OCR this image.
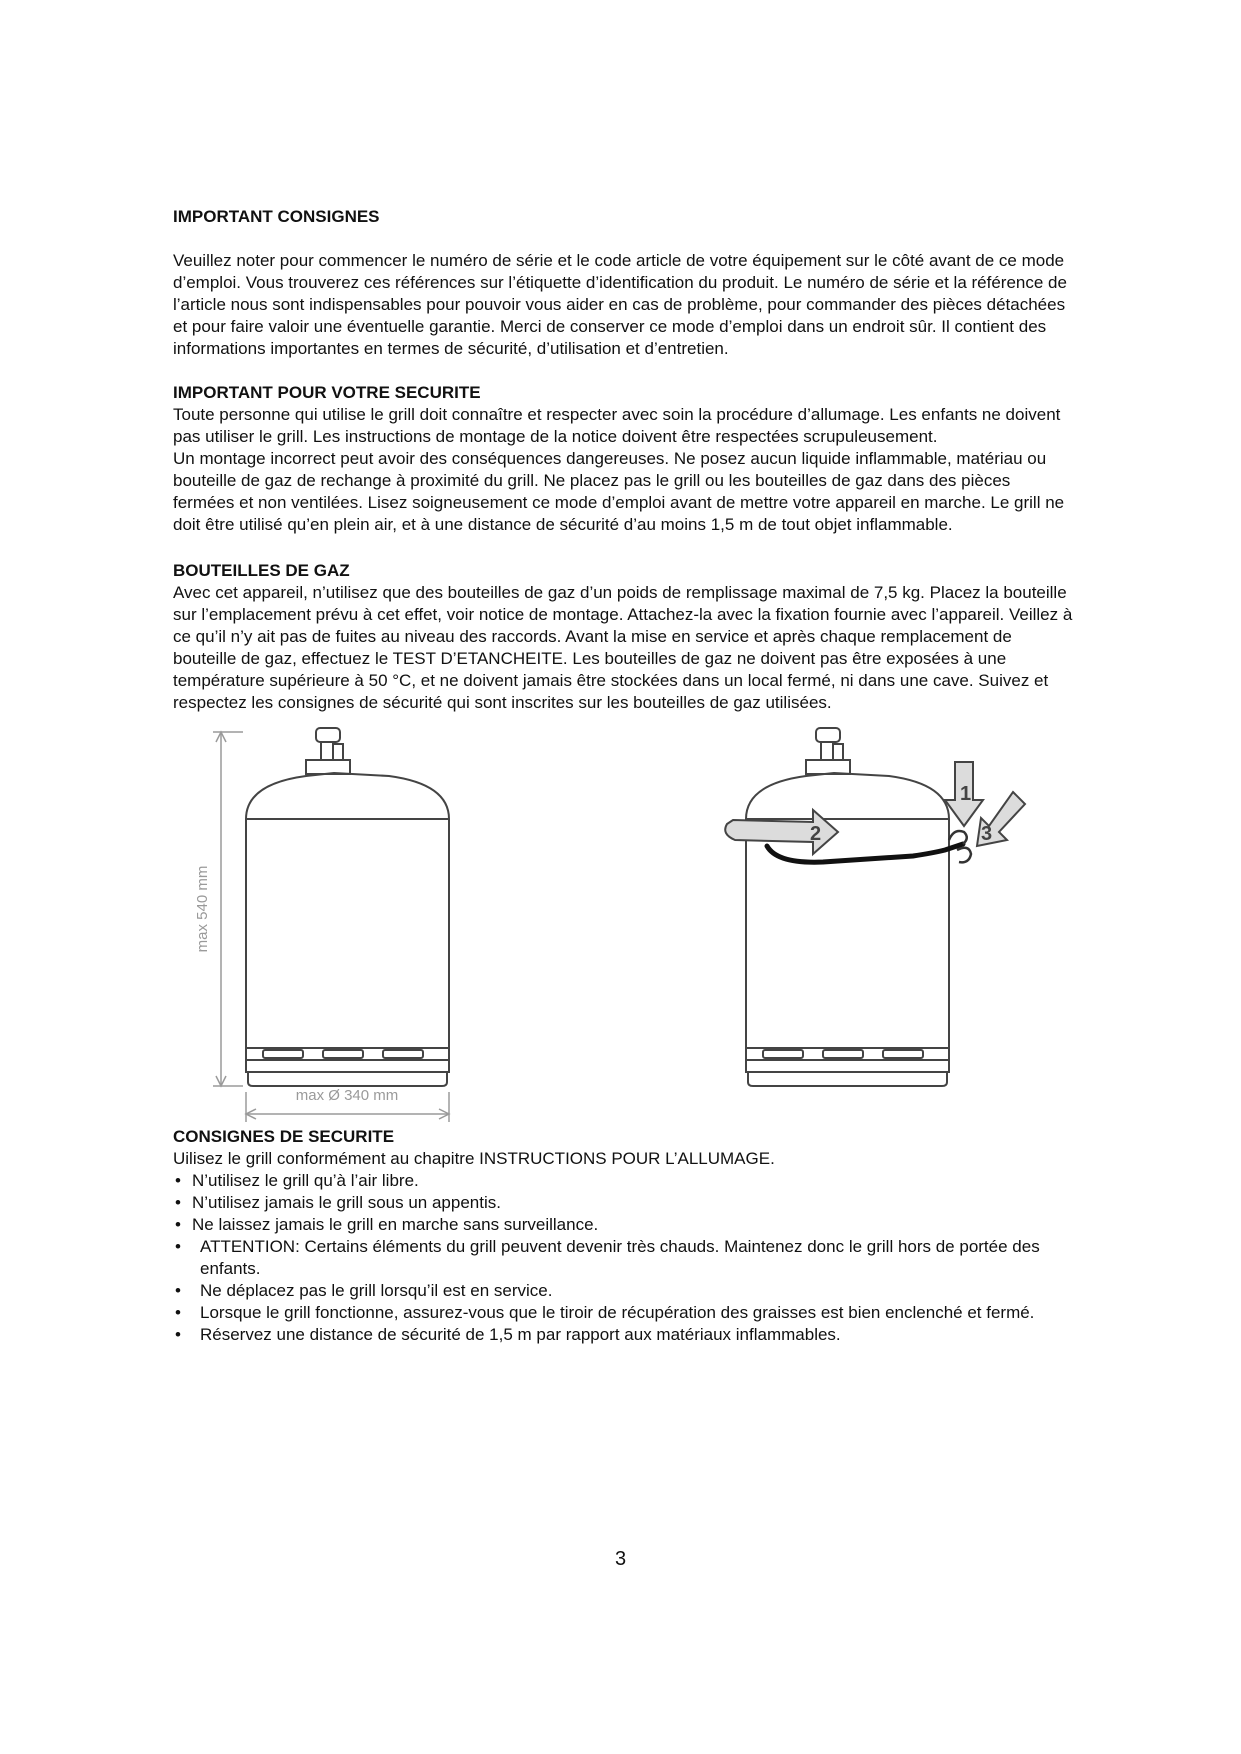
IMPORTANT CONSIGNES

Veuillez noter pour commencer le numéro de série et le code article de votre équipement sur le côté avant de ce mode d’emploi. Vous trouverez ces références sur l’étiquette d’identification du produit. Le numéro de série et la référence de l’article nous sont indispensables pour pouvoir vous aider en cas de problème, pour commander des pièces détachées et pour faire valoir une éventuelle garantie. Merci de conserver ce mode d’emploi dans un endroit sûr. Il contient des informations importantes en termes de sécurité, d’utilisation et d’entretien.

IMPORTANT POUR VOTRE SECURITE

Toute personne qui utilise le grill doit connaître et respecter avec soin la procédure d’allumage. Les enfants ne doivent pas utiliser le grill. Les instructions de montage de la notice doivent être respectées scrupuleusement.

Un montage incorrect peut avoir des conséquences dangereuses. Ne posez aucun liquide inflammable, matériau ou bouteille de gaz de rechange à proximité du grill. Ne placez pas le grill ou les bouteilles de gaz dans des pièces fermées et non ventilées. Lisez soigneusement ce mode d’emploi avant de mettre votre appareil en marche. Le grill ne doit être utilisé qu’en plein air, et à une distance de sécurité d’au moins 1,5 m de tout objet inflammable.

BOUTEILLES DE GAZ

Avec cet appareil, n’utilisez que des bouteilles de gaz d’un poids de remplissage maximal de 7,5 kg. Placez la bouteille sur l’emplacement prévu à cet effet, voir notice de montage. Attachez-la avec la fixation fournie avec l’appareil. Veillez à ce qu’il n’y ait pas de fuites au niveau des raccords. Avant la mise en service et après chaque remplacement de bouteille de gaz, effectuez le TEST D’ETANCHEITE. Les bouteilles de gaz ne doivent pas être exposées à une température supérieure à 50 °C, et ne doivent jamais être stockées dans un local fermé, ni dans une cave. Suivez et respectez les consignes de sécurité qui sont inscrites sur les bouteilles de gaz utilisées.

max 540 mm
max Ø 340 mm
2
1
3

CONSIGNES DE SECURITE

Uilisez le grill conformément au chapitre INSTRUCTIONS POUR L’ALLUMAGE.

• N’utilisez le grill qu’à l’air libre.
• N’utilisez jamais le grill sous un appentis.
• Ne laissez jamais le grill en marche sans surveillance.
• ATTENTION: Certains éléments du grill peuvent devenir très chauds. Maintenez donc le grill hors de portée des enfants.
• Ne déplacez pas le grill lorsqu’il est en service.
• Lorsque le grill fonctionne, assurez-vous que le tiroir de récupération des graisses est bien enclenché et fermé.
• Réservez une distance de sécurité de 1,5 m par rapport aux matériaux inflammables.
3
